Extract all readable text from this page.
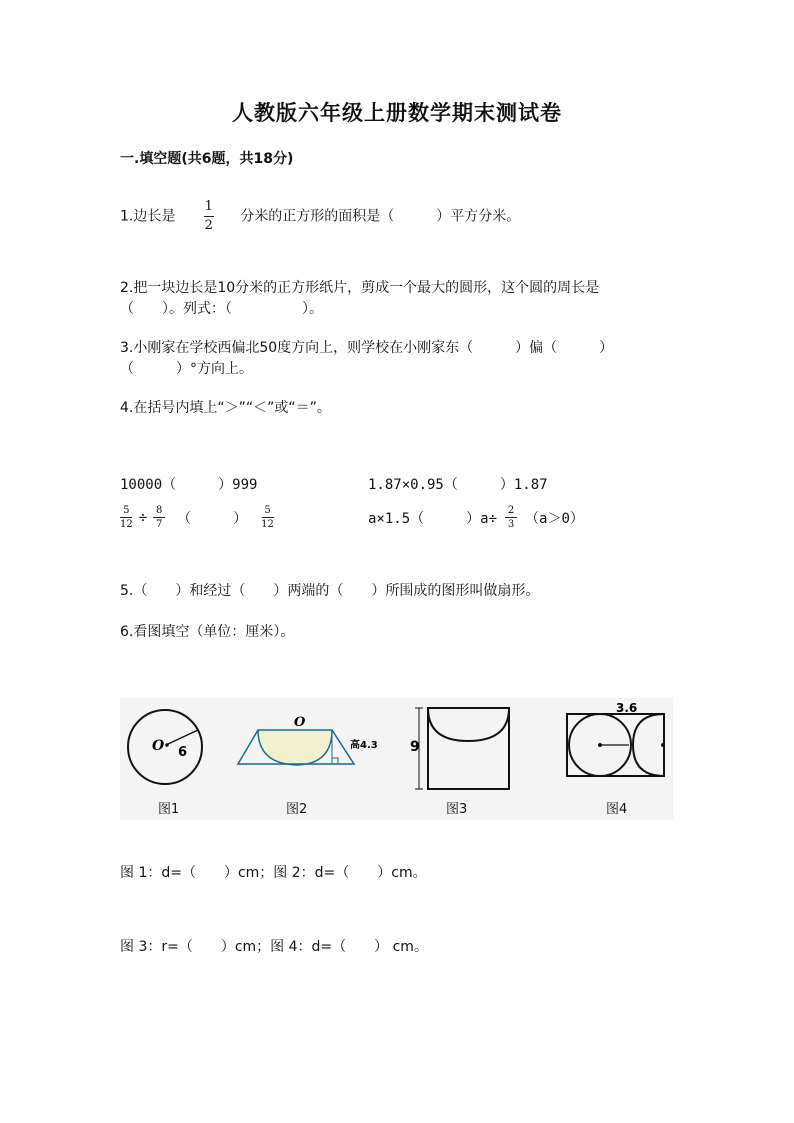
人教版六年级上册数学期末测试卷
一.填空题(共6题，共18分)
1.边长是 $\frac{1}{2}$ 分米的正方形的面积是（　　　）平方分米。
2.把一块边长是10分米的正方形纸片，剪成一个最大的圆形，这个圆的周长是
（　　）。列式：（　　　　　）。
3.小刚家在学校西偏北50度方向上，则学校在小刚家东（　　　）偏（　　　）
（　　　）°方向上。
4.在括号内填上“＞”“＜”或“＝”。
10000（　　　）999	1.87×0.95（　　　）1.87
$\frac{5}{12} \div \frac{8}{7}$ （　　　） $\frac{5}{12}$	a×1.5（　　　）$a\div \frac{2}{3} (a>0)$
5.（　　）和经过（　　）两端的（　　）所围成的图形叫做扇形。
6.看图填空（单位：厘米）。
O 6
O
高4.3 9
3.6
图1	图2	图3	图4
图 1：d=（　　）cm；图 2：d=（　　）cm。
图 3：r=（　　）cm；图 4：d=（　　） cm。
